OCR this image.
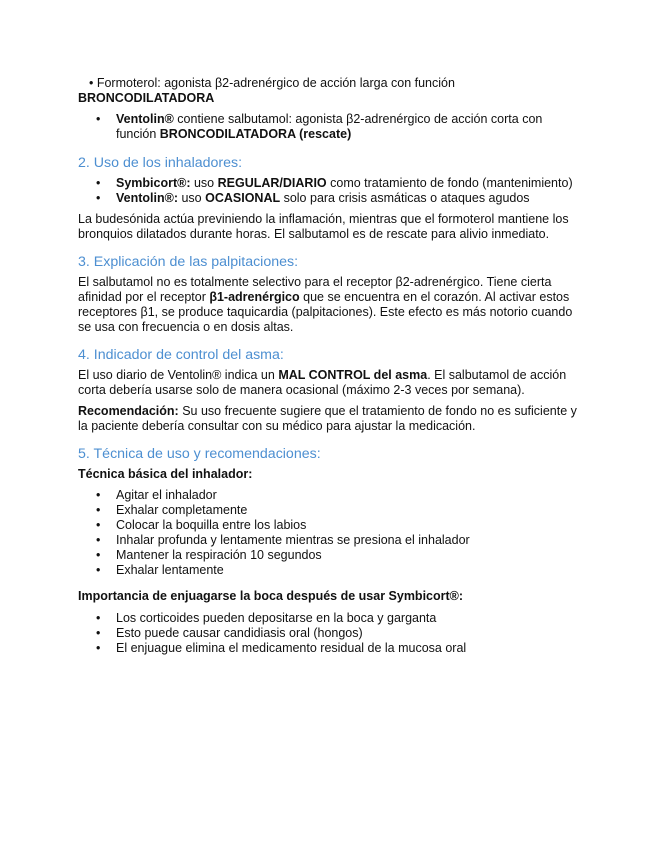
• Formoterol: agonista β2-adrenérgico de acción larga con función

BRONCODILATADORA

• Ventolin® contiene salbutamol: agonista β2-adrenérgico de acción corta con función BRONCODILATADORA (rescate)
2. Uso de los inhaladores:
• Symbicort®: uso REGULAR/DIARIO como tratamiento de fondo (mantenimiento)
• Ventolin®: uso OCASIONAL solo para crisis asmáticas o ataques agudos

La budesónida actúa previniendo la inflamación, mientras que el formoterol mantiene los bronquios dilatados durante horas. El salbutamol es de rescate para alivio inmediato.

3. Explicación de las palpitaciones:

El salbutamol no es totalmente selectivo para el receptor β2-adrenérgico. Tiene cierta afinidad por el receptor β1-adrenérgico que se encuentra en el corazón. Al activar estos receptores β1, se produce taquicardia (palpitaciones). Este efecto es más notorio cuando se usa con frecuencia o en dosis altas.

4. Indicador de control del asma:

El uso diario de Ventolin® indica un MAL CONTROL del asma. El salbutamol de acción corta debería usarse solo de manera ocasional (máximo 2-3 veces por semana).

Recomendación: Su uso frecuente sugiere que el tratamiento de fondo no es suficiente y la paciente debería consultar con su médico para ajustar la medicación.

5. Técnica de uso y recomendaciones:

Técnica básica del inhalador:

• Agitar el inhalador
• Exhalar completamente
• Colocar la boquilla entre los labios
• Inhalar profunda y lentamente mientras se presiona el inhalador
• Mantener la respiración 10 segundos
• Exhalar lentamente

Importancia de enjuagarse la boca después de usar Symbicort®:

• Los corticoides pueden depositarse en la boca y garganta
• Esto puede causar candidiasis oral (hongos)
• El enjuague elimina el medicamento residual de la mucosa oral
